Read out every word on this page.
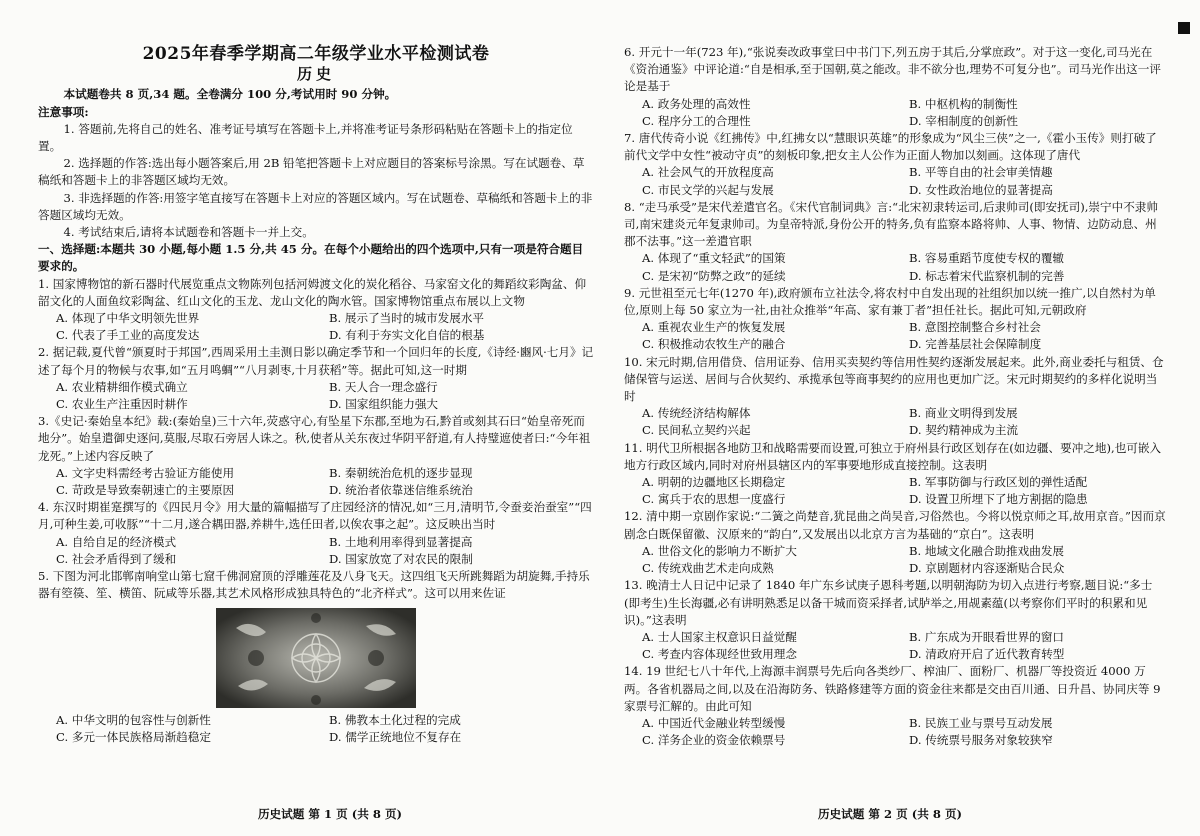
2025年春季学期高二年级学业水平检测试卷
历史

本试题卷共 8 页,34 题。全卷满分 100 分,考试用时 90 分钟。

注意事项:

1. 答题前,先将自己的姓名、准考证号填写在答题卡上,并将准考证号条形码粘贴在答题卡上的指定位置。

2. 选择题的作答:选出每小题答案后,用 2B 铅笔把答题卡上对应题目的答案标号涂黑。写在试题卷、草稿纸和答题卡上的非答题区域均无效。

3. 非选择题的作答:用签字笔直接写在答题卡上对应的答题区域内。写在试题卷、草稿纸和答题卡上的非答题区域均无效。

4. 考试结束后,请将本试题卷和答题卡一并上交。

一、选择题:本题共 30 小题,每小题 1.5 分,共 45 分。在每个小题给出的四个选项中,只有一项是符合题目要求的。

1. 国家博物馆的新石器时代展览重点文物陈列包括河姆渡文化的炭化稻谷、马家窑文化的舞蹈纹彩陶盆、仰韶文化的人面鱼纹彩陶盆、红山文化的玉龙、龙山文化的陶水管。国家博物馆重点布展以上文物

A. 体现了中华文明领先世界	B. 展示了当时的城市发展水平
C. 代表了手工业的高度发达	D. 有利于夯实文化自信的根基

2. 据记载,夏代曾“颁夏时于邦国”,西周采用土圭测日影以确定季节和一个回归年的长度,《诗经·豳风·七月》记述了每个月的物候与农事,如“五月鸣蜩”“八月剥枣,十月获稻”等。据此可知,这一时期

A. 农业精耕细作模式确立	B. 天人合一理念盛行
C. 农业生产注重因时耕作	D. 国家组织能力强大

3.《史记·秦始皇本纪》载:(秦始皇)三十六年,荧惑守心,有坠星下东郡,至地为石,黔首或刻其石曰“始皇帝死而地分”。始皇遣御史逐问,莫服,尽取石旁居人诛之。秋,使者从关东夜过华阴平舒道,有人持璧遮使者曰:“今年祖龙死。”上述内容反映了

A. 文字史料需经考古验证方能使用	B. 秦朝统治危机的逐步显现
C. 苛政是导致秦朝速亡的主要原因	D. 统治者依靠迷信维系统治

4. 东汉时期崔寔撰写的《四民月令》用大量的篇幅描写了庄园经济的情况,如“三月,清明节,令蚕妾治蚕室”“四月,可种生姜,可收豚”“十二月,遂合耦田器,养耕牛,选任田者,以俟农事之起”。这反映出当时

A. 自给自足的经济模式	B. 土地利用率得到显著提高
C. 社会矛盾得到了缓和	D. 国家放宽了对农民的限制

5. 下图为河北邯郸南响堂山第七窟千佛洞窟顶的浮雕莲花及八身飞天。这四组飞天所跳舞蹈为胡旋舞,手持乐器有箜篌、笙、横笛、阮咸等乐器,其艺术风格形成独具特色的“北齐样式”。这可以用来佐证

A. 中华文明的包容性与创新性	B. 佛教本土化过程的完成
C. 多元一体民族格局渐趋稳定	D. 儒学正统地位不复存在

6. 开元十一年(723 年),“张说奏改政事堂曰中书门下,列五房于其后,分掌庶政”。对于这一变化,司马光在《资治通鉴》中评论道:“自是相承,至于国朝,莫之能改。非不欲分也,理势不可复分也”。司马光作出这一评论是基于

A. 政务处理的高效性	B. 中枢机构的制衡性
C. 程序分工的合理性	D. 宰相制度的创新性

7. 唐代传奇小说《红拂传》中,红拂女以“慧眼识英雄”的形象成为“风尘三侠”之一,《霍小玉传》则打破了前代文学中女性“被动守贞”的刻板印象,把女主人公作为正面人物加以刻画。这体现了唐代

A. 社会风气的开放程度高	B. 平等自由的社会审美情趣
C. 市民文学的兴起与发展	D. 女性政治地位的显著提高

8. “走马承受”是宋代差遣官名。《宋代官制词典》言:“北宋初隶转运司,后隶帅司(即安抚司),崇宁中不隶帅司,南宋建炎元年复隶帅司。为皇帝特派,身份公开的特务,负有监察本路将帅、人事、物情、边防动息、州郡不法事。”这一差遣官职

A. 体现了“重文轻武”的国策	B. 容易重蹈节度使专权的覆辙
C. 是宋初“防弊之政”的延续	D. 标志着宋代监察机制的完善

9. 元世祖至元七年(1270 年),政府颁布立社法令,将农村中自发出现的社组织加以统一推广,以自然村为单位,原则上每 50 家立为一社,由社众推举“年高、家有兼丁者”担任社长。据此可知,元朝政府

A. 重视农业生产的恢复发展	B. 意图控制整合乡村社会
C. 积极推动农牧生产的融合	D. 完善基层社会保障制度

10. 宋元时期,信用借贷、信用证券、信用买卖契约等信用性契约逐渐发展起来。此外,商业委托与租赁、仓储保管与运送、居间与合伙契约、承揽承包等商事契约的应用也更加广泛。宋元时期契约的多样化说明当时

A. 传统经济结构解体	B. 商业文明得到发展
C. 民间私立契约兴起	D. 契约精神成为主流

11. 明代卫所根据各地防卫和战略需要而设置,可独立于府州县行政区划存在(如边疆、要冲之地),也可嵌入地方行政区域内,同时对府州县辖区内的军事要地形成直接控制。这表明

A. 明朝的边疆地区长期稳定	B. 军事防御与行政区划的弹性适配
C. 寓兵于农的思想一度盛行	D. 设置卫所埋下了地方割据的隐患

12. 清中期一京剧作家说:“二簧之尚楚音,犹昆曲之尚吴音,习俗然也。今将以悦京师之耳,故用京音。”因而京剧念白既保留徽、汉原来的“韵白”,又发展出以北京方言为基础的“京白”。这表明

A. 世俗文化的影响力不断扩大	B. 地域文化融合助推戏曲发展
C. 传统戏曲艺术走向成熟	D. 京剧题材内容逐渐贴合民众

13. 晚清士人日记中记录了 1840 年广东乡试庚子恩科考题,以明朝海防为切入点进行考察,题目说:“多士(即考生)生长海疆,必有讲明熟悉足以备干城而资采择者,试胪举之,用觇素蕴(以考察你们平时的积累和见识)。”这表明

A. 士人国家主权意识日益觉醒	B. 广东成为开眼看世界的窗口
C. 考查内容体现经世致用理念	D. 清政府开启了近代教育转型

14. 19 世纪七八十年代,上海源丰润票号先后向各类纱厂、榨油厂、面粉厂、机器厂等投资近 4000 万两。各省机器局之间,以及在沿海防务、铁路修建等方面的资金往来都是交由百川通、日升昌、协同庆等 9 家票号汇解的。由此可知

A. 中国近代金融业转型缓慢	B. 民族工业与票号互动发展
C. 洋务企业的资金依赖票号	D. 传统票号服务对象较狭窄
历史试题 第 1 页 (共 8 页)	历史试题 第 2 页 (共 8 页)
